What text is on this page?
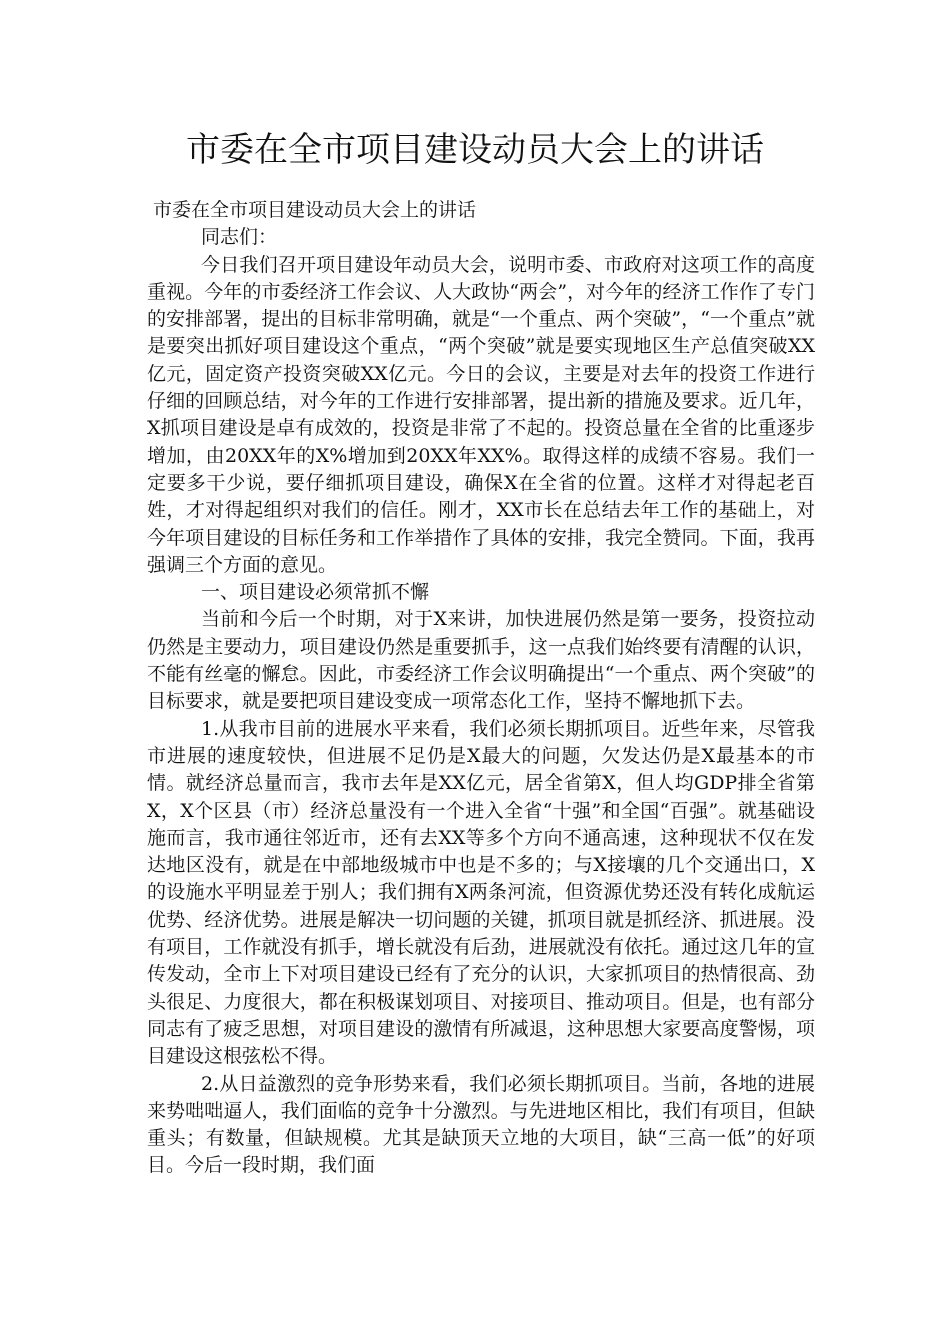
市委在全市项目建设动员大会上的讲话

市委在全市项目建设动员大会上的讲话

同志们：

今日我们召开项目建设年动员大会，说明市委、市政府对这项工作的高度重视。今年的市委经济工作会议、人大政协“两会”，对今年的经济工作作了专门的安排部署，提出的目标非常明确，就是“一个重点、两个突破”，“一个重点”就是要突出抓好项目建设这个重点，“两个突破”就是要实现地区生产总值突破XX亿元，固定资产投资突破XX亿元。今日的会议，主要是对去年的投资工作进行仔细的回顾总结，对今年的工作进行安排部署，提出新的措施及要求。近几年，X抓项目建设是卓有成效的，投资是非常了不起的。投资总量在全省的比重逐步增加，由20XX年的X%增加到20XX年XX%。取得这样的成绩不容易。我们一定要多干少说，要仔细抓项目建设，确保X在全省的位置。这样才对得起老百姓，才对得起组织对我们的信任。刚才，XX市长在总结去年工作的基础上，对今年项目建设的目标任务和工作举措作了具体的安排，我完全赞同。下面，我再强调三个方面的意见。

一、项目建设必须常抓不懈

当前和今后一个时期，对于X来讲，加快进展仍然是第一要务，投资拉动仍然是主要动力，项目建设仍然是重要抓手，这一点我们始终要有清醒的认识，不能有丝毫的懈怠。因此，市委经济工作会议明确提出“一个重点、两个突破”的目标要求，就是要把项目建设变成一项常态化工作，坚持不懈地抓下去。

1.从我市目前的进展水平来看，我们必须长期抓项目。近些年来，尽管我市进展的速度较快，但进展不足仍是X最大的问题，欠发达仍是X最基本的市情。就经济总量而言，我市去年是XX亿元，居全省第X，但人均GDP排全省第X，X个区县（市）经济总量没有一个进入全省“十强”和全国“百强”。就基础设施而言，我市通往邻近市，还有去XX等多个方向不通高速，这种现状不仅在发达地区没有，就是在中部地级城市中也是不多的；与X接壤的几个交通出口，X的设施水平明显差于别人；我们拥有X两条河流，但资源优势还没有转化成航运优势、经济优势。进展是解决一切问题的关键，抓项目就是抓经济、抓进展。没有项目，工作就没有抓手，增长就没有后劲，进展就没有依托。通过这几年的宣传发动，全市上下对项目建设已经有了充分的认识，大家抓项目的热情很高、劲头很足、力度很大，都在积极谋划项目、对接项目、推动项目。但是，也有部分同志有了疲乏思想，对项目建设的激情有所减退，这种思想大家要高度警惕，项目建设这根弦松不得。

2.从日益激烈的竞争形势来看，我们必须长期抓项目。当前，各地的进展来势咄咄逼人，我们面临的竞争十分激烈。与先进地区相比，我们有项目，但缺重头；有数量，但缺规模。尤其是缺顶天立地的大项目，缺“三高一低”的好项目。今后一段时期，我们面
